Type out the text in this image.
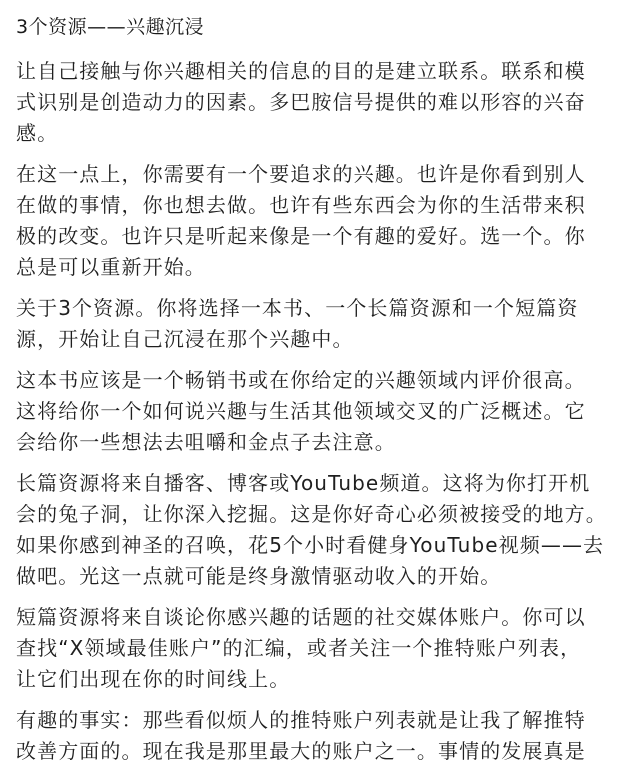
3个资源——兴趣沉浸

让自己接触与你兴趣相关的信息的目的是建立联系。联系和模
式识别是创造动力的因素。多巴胺信号提供的难以形容的兴奋
感。

在这一点上，你需要有一个要追求的兴趣。也许是你看到别人
在做的事情，你也想去做。也许有些东西会为你的生活带来积
极的改变。也许只是听起来像是一个有趣的爱好。选一个。你
总是可以重新开始。

关于3个资源。你将选择一本书、一个长篇资源和一个短篇资
源，开始让自己沉浸在那个兴趣中。

这本书应该是一个畅销书或在你给定的兴趣领域内评价很高。
这将给你一个如何说兴趣与生活其他领域交叉的广泛概述。它
会给你一些想法去咀嚼和金点子去注意。

长篇资源将来自播客、博客或YouTube频道。这将为你打开机
会的兔子洞，让你深入挖掘。这是你好奇心必须被接受的地方。
如果你感到神圣的召唤，花5个小时看健身YouTube视频——去
做吧。光这一点就可能是终身激情驱动收入的开始。

短篇资源将来自谈论你感兴趣的话题的社交媒体账户。你可以
查找“X领域最佳账户”的汇编，或者关注一个推特账户列表，
让它们出现在你的时间线上。

有趣的事实：那些看似烦人的推特账户列表就是让我了解推特
改善方面的。现在我是那里最大的账户之一。事情的发展真是
